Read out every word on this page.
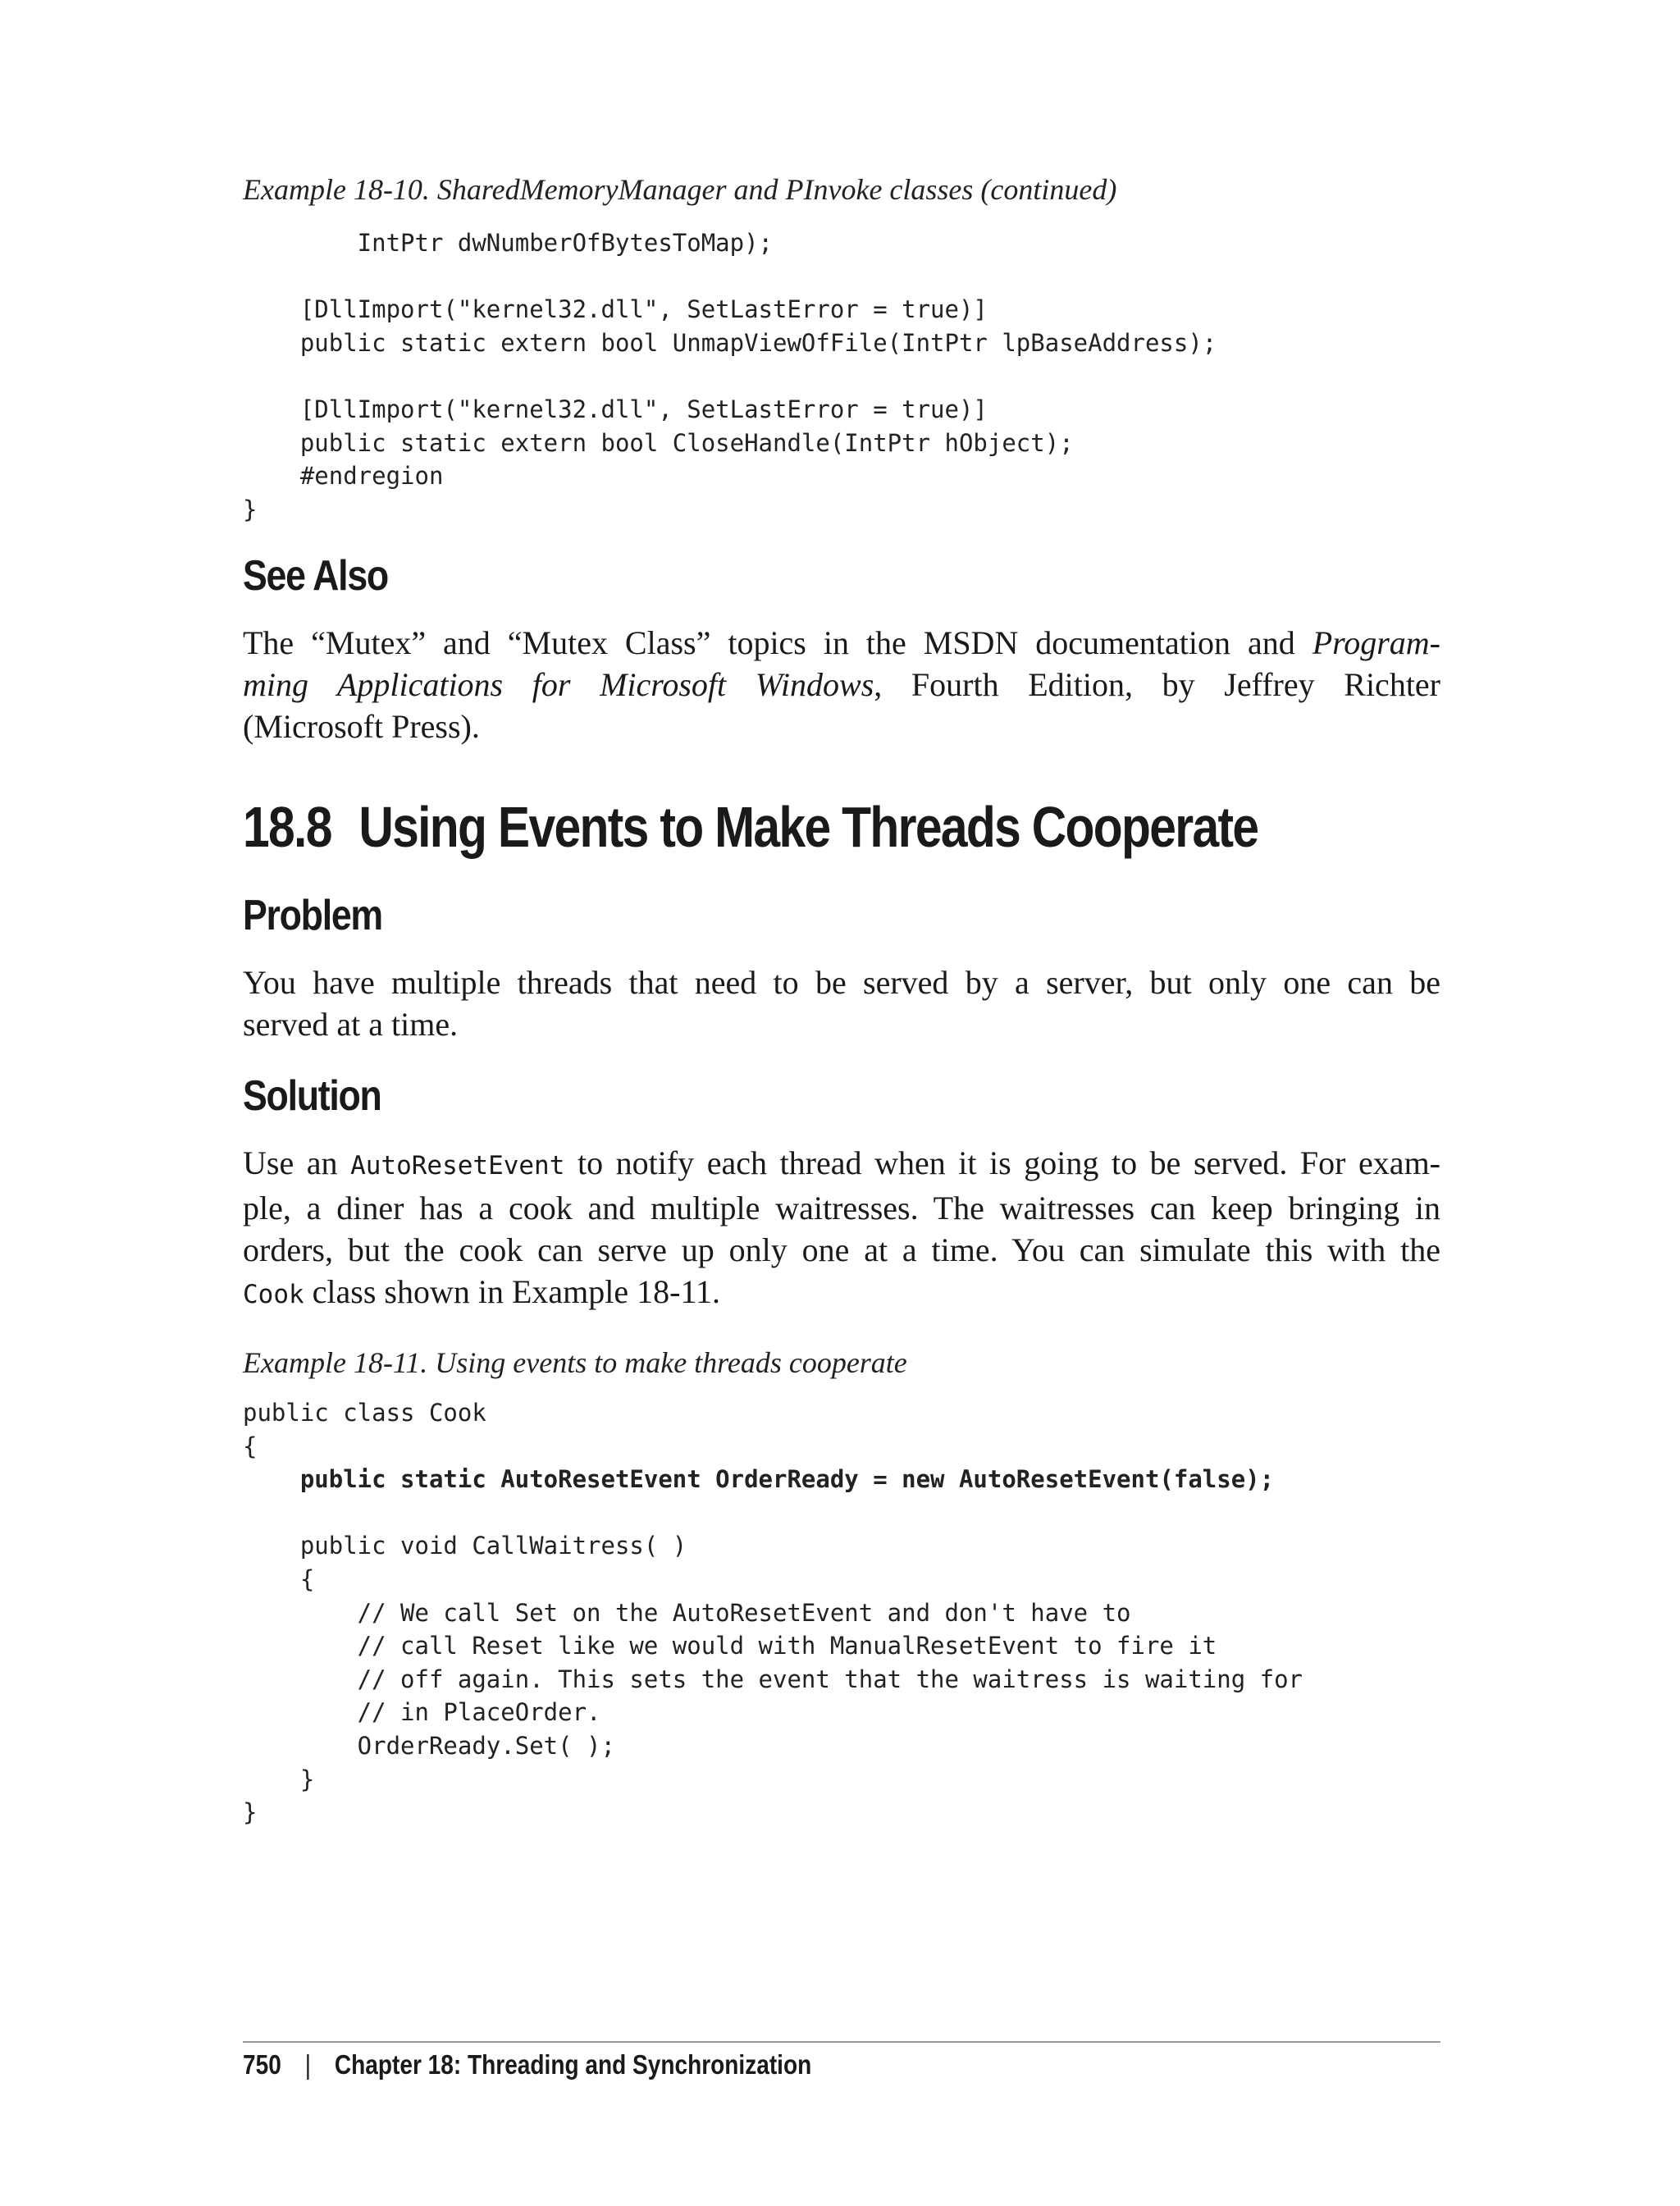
Example 18-10. SharedMemoryManager and PInvoke classes (continued)
IntPtr dwNumberOfBytesToMap);
[DllImport("kernel32.dll", SetLastError = true)]
public static extern bool UnmapViewOfFile(IntPtr lpBaseAddress);
[DllImport("kernel32.dll", SetLastError = true)]
public static extern bool CloseHandle(IntPtr hObject);
#endregion
}
See Also
The “Mutex” and “Mutex Class” topics in the MSDN documentation and Program-
ming Applications for Microsoft Windows, Fourth Edition, by Jeffrey Richter
(Microsoft Press).
18.8 Using Events to Make Threads Cooperate
Problem
You have multiple threads that need to be served by a server, but only one can be
served at a time.
Solution
Use an AutoResetEvent to notify each thread when it is going to be served. For exam-
ple, a diner has a cook and multiple waitresses. The waitresses can keep bringing in
orders, but the cook can serve up only one at a time. You can simulate this with the
Cook class shown in Example 18-11.
Example 18-11. Using events to make threads cooperate
public class Cook
{
public static AutoResetEvent OrderReady = new AutoResetEvent(false);
public void CallWaitress( )
{
// We call Set on the AutoResetEvent and don't have to
// call Reset like we would with ManualResetEvent to fire it
// off again. This sets the event that the waitress is waiting for
// in PlaceOrder.
OrderReady.Set( );
}
}
750 | Chapter 18: Threading and Synchronization
